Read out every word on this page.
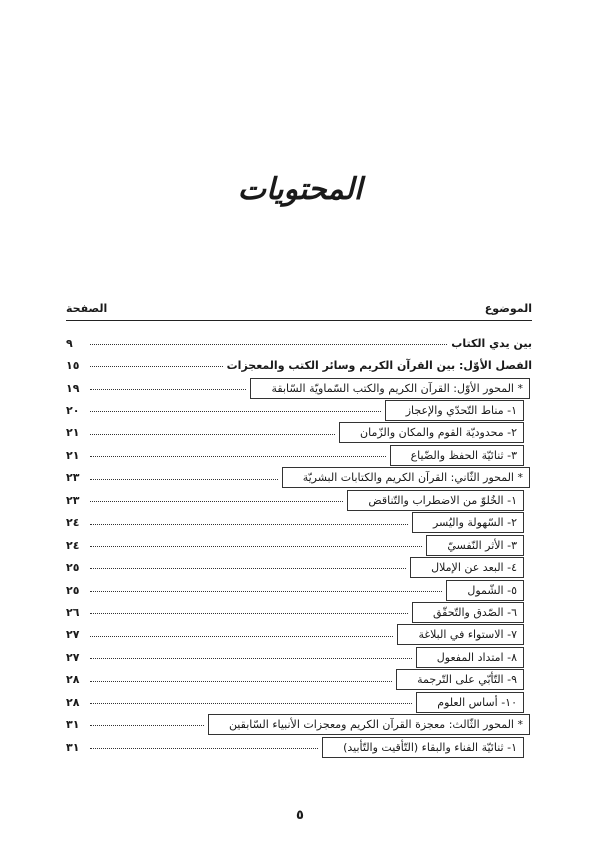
المحتويات
الموضوع
الصفحة
بين يدي الكتاب
٩
الفصل الأوّل: بين القرآن الكريم وسائر الكتب والمعجزات
١٥
* المحور الأوّل: القرآن الكريم والكتب السّماويّة السّابقة
١٩
١- مناط التّحدّي والإعجاز
٢٠
٢- محدوديّة القوم والمكان والزّمان
٢١
٣- ثنائيّة الحفظ والضّياع
٢١
* المحور الثّاني: القرآن الكريم والكتابات البشريّة
٢٣
١- الخُلوّ من الاضطراب والتّناقض
٢٣
٢- السّهولة واليُسر
٢٤
٣- الأثر النّفسيّ
٢٤
٤- البعد عن الإملال
٢٥
٥- الشّمول
٢٥
٦- الصّدق والتّحقّق
٢٦
٧- الاستواء في البلاغة
٢٧
٨- امتداد المفعول
٢٧
٩- التّأبّي على التّرجمة
٢٨
١٠- أساس العلوم
٢٨
* المحور الثّالث: معجزة القرآن الكريم ومعجزات الأنبياء السّابقين
٣١
١- ثنائيّة الفناء والبقاء (التّأقيت والتّأبيد)
٣١
٥
